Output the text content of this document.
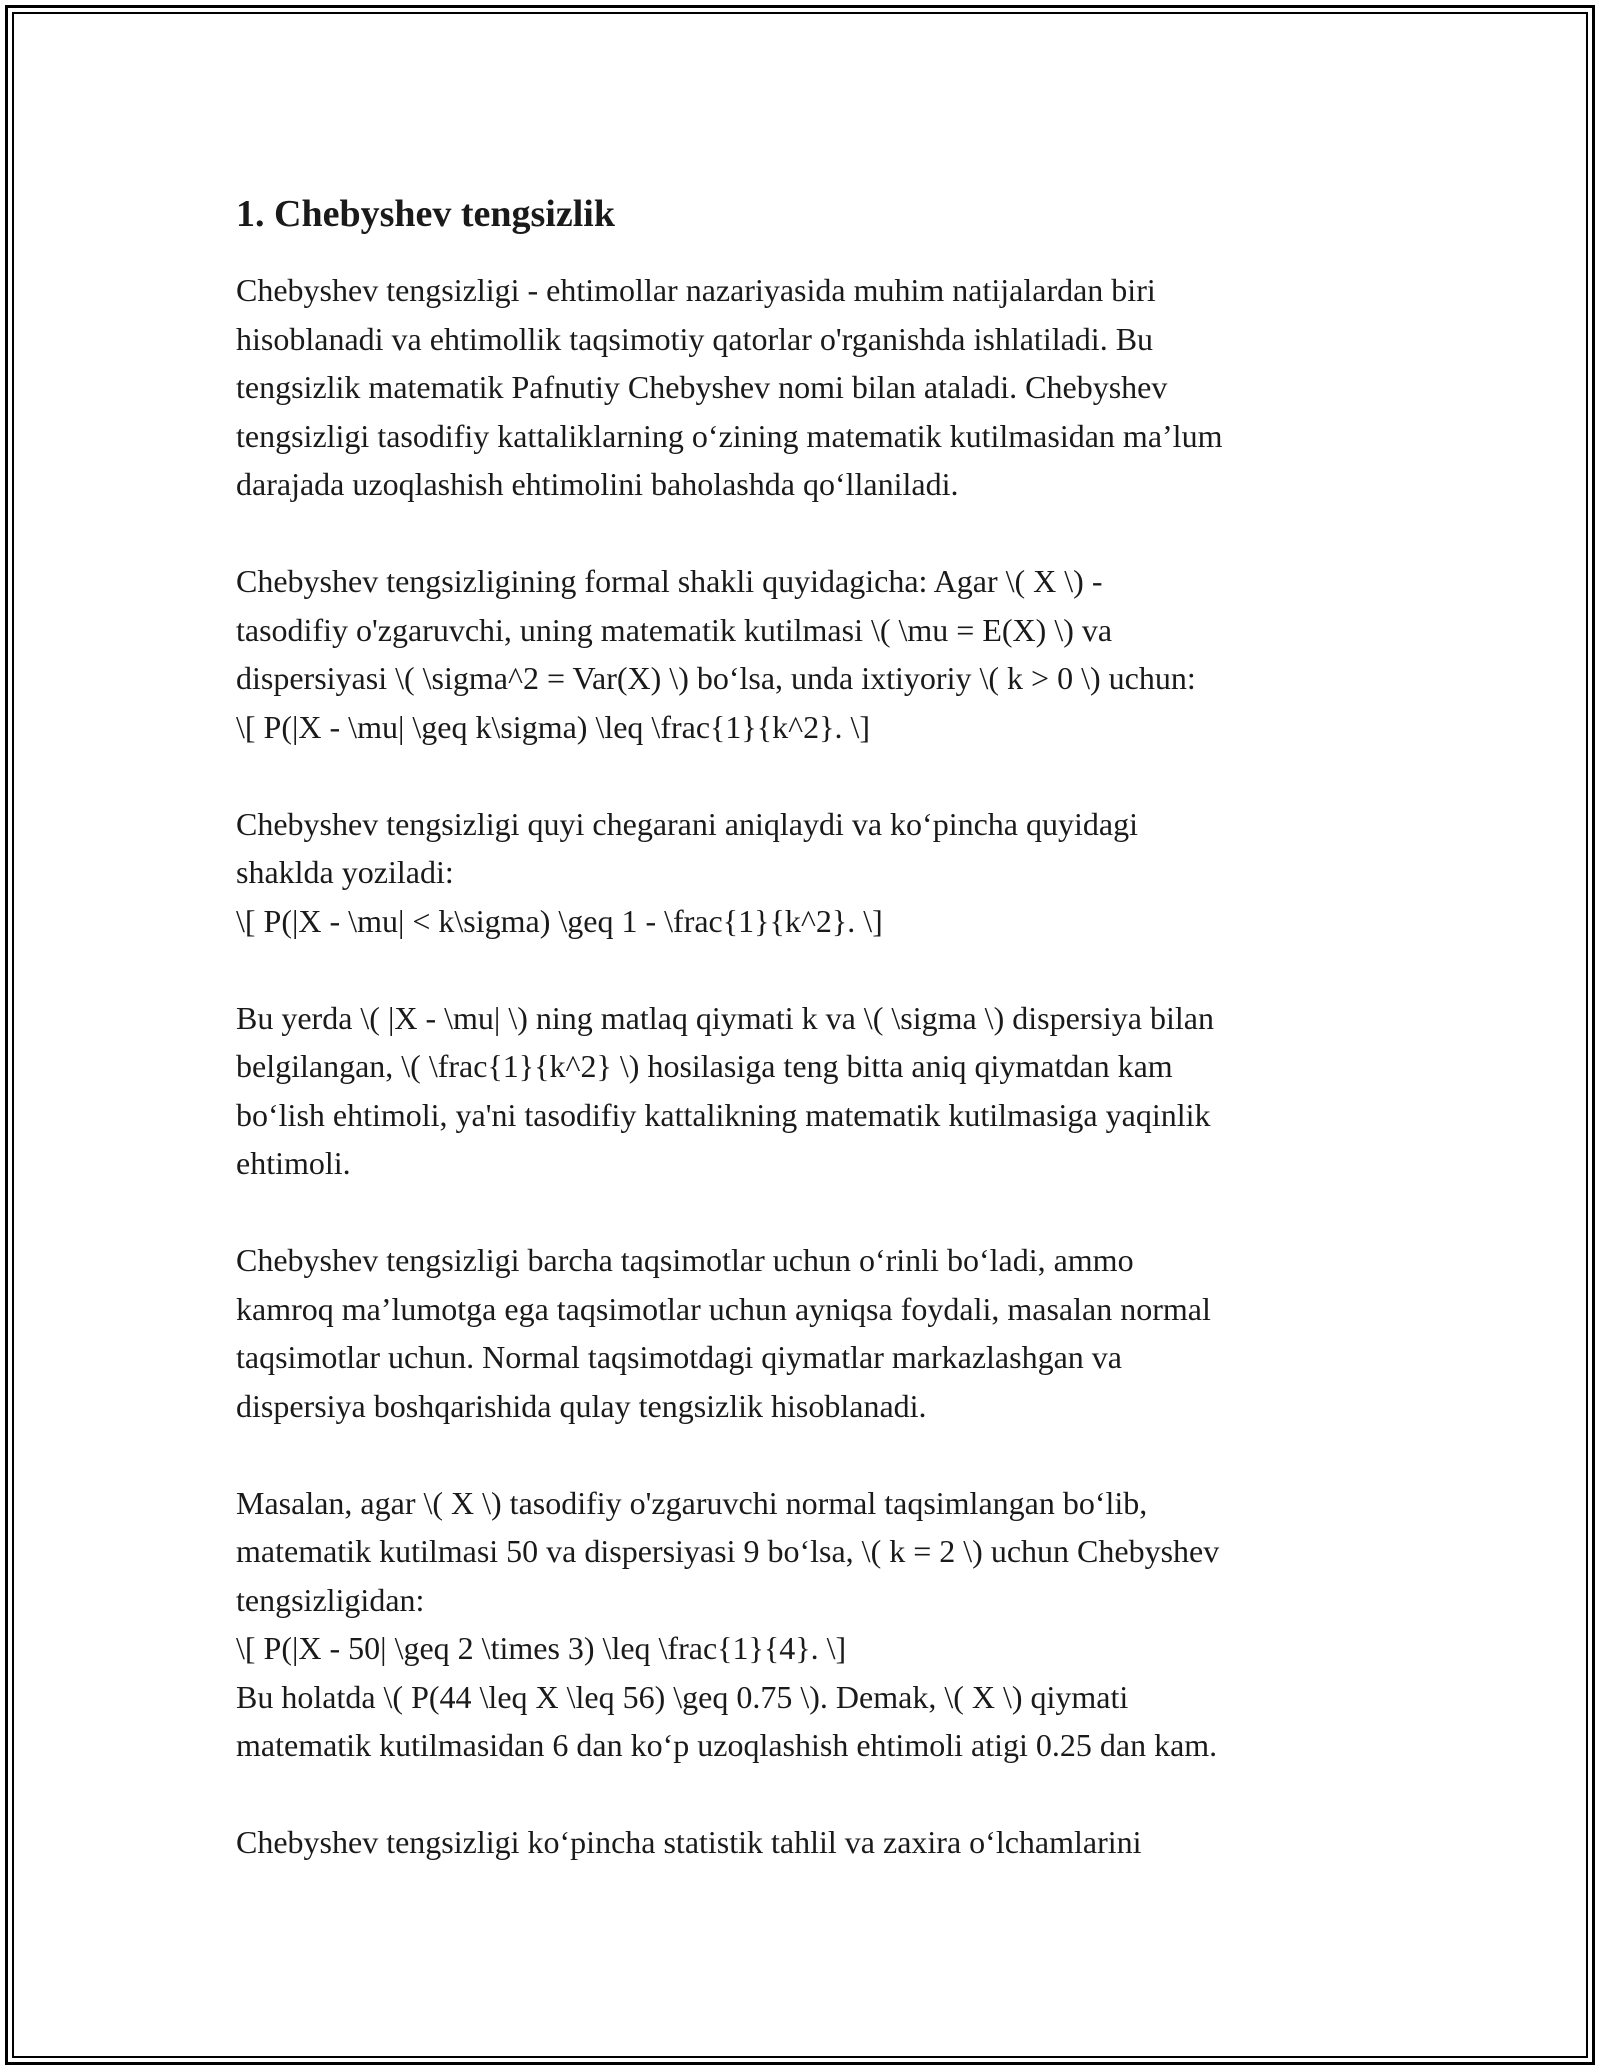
1. Chebyshev tengsizlik

Chebyshev tengsizligi - ehtimollar nazariyasida muhim natijalardan biri
hisoblanadi va ehtimollik taqsimotiy qatorlar o'rganishda ishlatiladi. Bu
tengsizlik matematik Pafnutiy Chebyshev nomi bilan ataladi. Chebyshev
tengsizligi tasodifiy kattaliklarning o‘zining matematik kutilmasidan ma’lum
darajada uzoqlashish ehtimolini baholashda qo‘llaniladi.

Chebyshev tengsizligining formal shakli quyidagicha: Agar \( X \) -
tasodifiy o'zgaruvchi, uning matematik kutilmasi \( \mu = E(X) \) va
dispersiyasi \( \sigma^2 = Var(X) \) bo‘lsa, unda ixtiyoriy \( k > 0 \) uchun:
\[ P(|X - \mu| \geq k\sigma) \leq \frac{1}{k^2}. \]

Chebyshev tengsizligi quyi chegarani aniqlaydi va ko‘pincha quyidagi
shaklda yoziladi:
\[ P(|X - \mu| < k\sigma) \geq 1 - \frac{1}{k^2}. \]

Bu yerda \( |X - \mu| \) ning matlaq qiymati k va \( \sigma \) dispersiya bilan
belgilangan, \( \frac{1}{k^2} \) hosilasiga teng bitta aniq qiymatdan kam
bo‘lish ehtimoli, ya'ni tasodifiy kattalikning matematik kutilmasiga yaqinlik
ehtimoli.

Chebyshev tengsizligi barcha taqsimotlar uchun o‘rinli bo‘ladi, ammo
kamroq ma’lumotga ega taqsimotlar uchun ayniqsa foydali, masalan normal
taqsimotlar uchun. Normal taqsimotdagi qiymatlar markazlashgan va
dispersiya boshqarishida qulay tengsizlik hisoblanadi.

Masalan, agar \( X \) tasodifiy o'zgaruvchi normal taqsimlangan bo‘lib,
matematik kutilmasi 50 va dispersiyasi 9 bo‘lsa, \( k = 2 \) uchun Chebyshev
tengsizligidan:
\[ P(|X - 50| \geq 2 \times 3) \leq \frac{1}{4}. \]
Bu holatda \( P(44 \leq X \leq 56) \geq 0.75 \). Demak, \( X \) qiymati
matematik kutilmasidan 6 dan ko‘p uzoqlashish ehtimoli atigi 0.25 dan kam.

Chebyshev tengsizligi ko‘pincha statistik tahlil va zaxira o‘lchamlarini
